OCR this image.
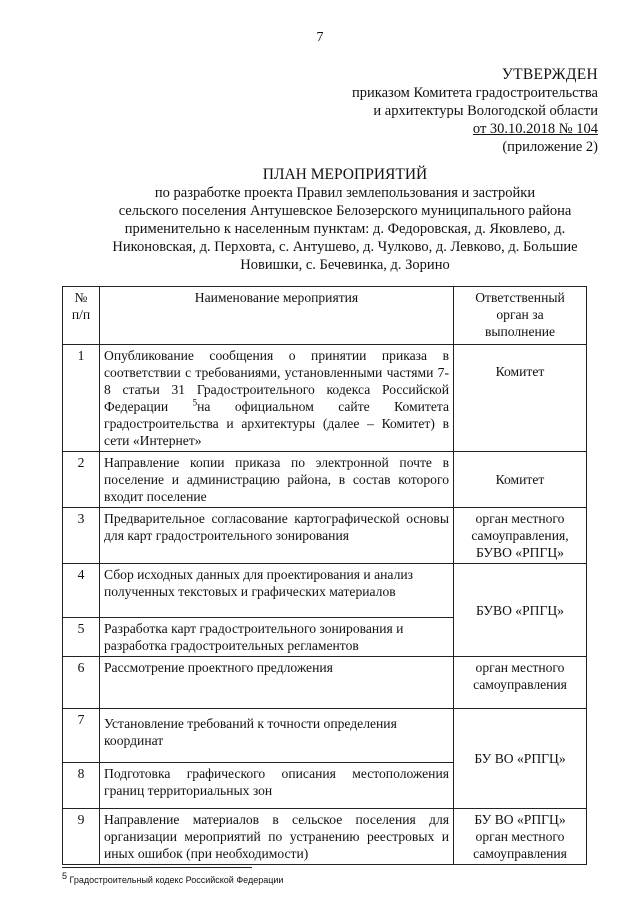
7
УТВЕРЖДЕН
приказом Комитета градостроительства
и архитектуры Вологодской области
от 30.10.2018 № 104
(приложение 2)
ПЛАН МЕРОПРИЯТИЙ
по разработке проекта Правил землепользования и застройки
сельского поселения Антушевское Белозерского муниципального района
применительно к населенным пунктам: д. Федоровская, д. Яковлево, д.
Никоновская, д. Перховта, с. Антушево, д. Чулково, д. Левково, д. Большие
Новишки, с. Бечевинка, д. Зорино
№
п/п	Наименование мероприятия	Ответственный
орган за
выполнение
1	Опубликование сообщения о принятии приказа в соответствии с требованиями, установленными частями 7-8 статьи 31 Градостроительного кодекса Российской Федерации $^5$на официальном сайте Комитета градостроительства и архитектуры (далее – Комитет) в сети «Интернет»	Комитет
2	Направление копии приказа по электронной почте в поселение и администрацию района, в состав которого входит поселение	Комитет
3	Предварительное согласование картографической основы для карт градостроительного зонирования	орган местного самоуправления, БУВО «РПГЦ»
4	Сбор исходных данных для проектирования и анализ полученных текстовых и графических материалов	БУВО «РПГЦ»
5	Разработка карт градостроительного зонирования и разработка градостроительных регламентов	
6	Рассмотрение проектного предложения	орган местного самоуправления
7	Установление требований к точности определения координат	БУ ВО «РПГЦ»
8	Подготовка графического описания местоположения границ территориальных зон	
9	Направление материалов в сельское поселения для организации мероприятий по устранению реестровых и иных ошибок (при необходимости)	БУ ВО «РПГЦ» орган местного самоуправления
$^5$ Градостроительный кодекс Российской Федерации
